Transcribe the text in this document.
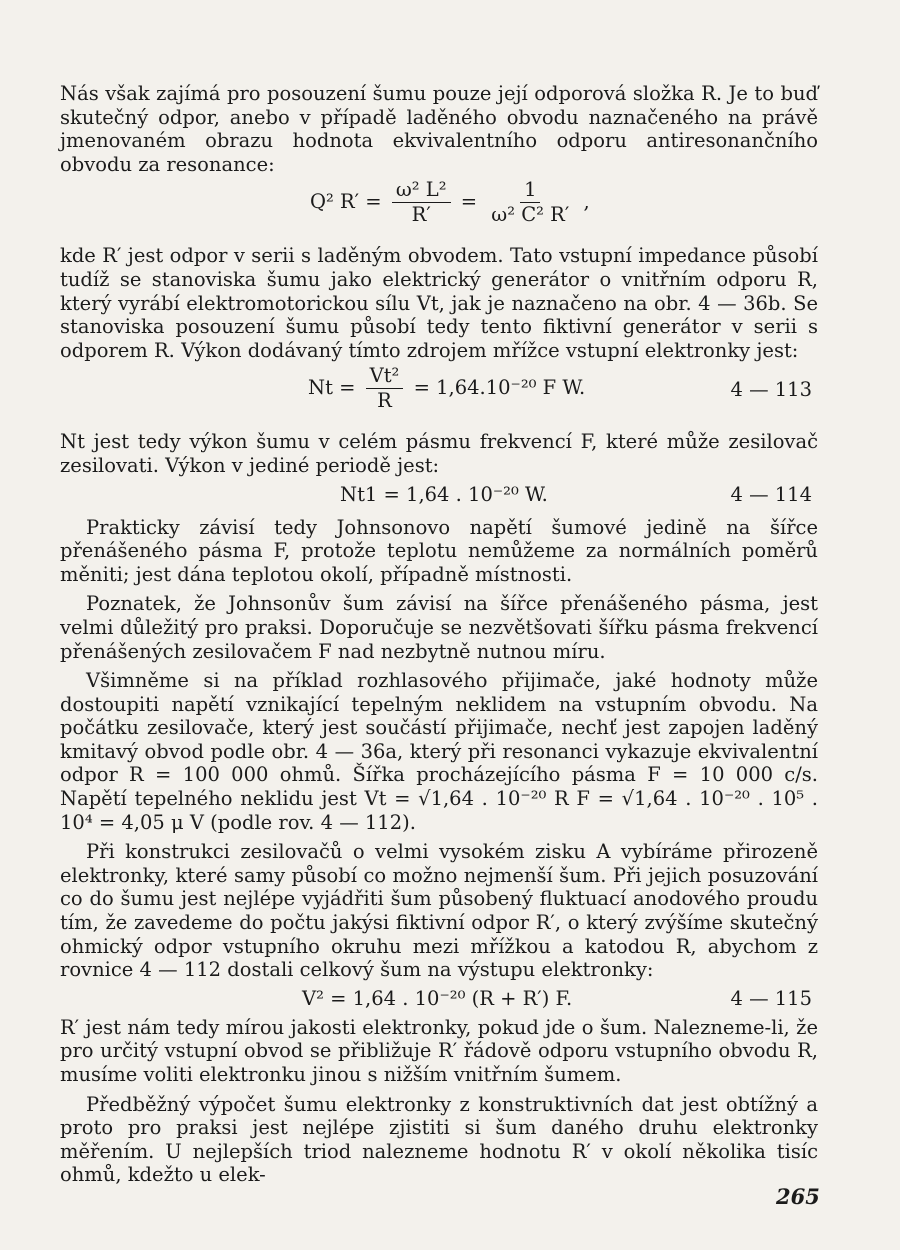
Nás však zajímá pro posouzení šumu pouze její odporová složka R. Je to buď skutečný odpor, anebo v případě laděného obvodu naznačeného na právě jmenovaném obrazu hodnota ekvivalentního odporu antiresonančního obvodu za resonance:

Q² $R' = \frac{\text{ω² L²}}{R'} = \frac{1}{\text{ω² C² R′}}$ ,

kde R′ jest odpor v serii s laděným obvodem. Tato vstupní impedance působí tudíž se stanoviska šumu jako elektrický generátor o vnitřním odporu R, který vyrábí elektromotorickou sílu Vt, jak je naznačeno na obr. 4 — 36b. Se stanoviska posouzení šumu působí tedy tento fiktivní generátor v serii s odporem R. Výkon dodávaný tímto zdrojem mřížce vstupní elektronky jest:

$Nt = \frac{\text{Vt²}}{R} = 1,64.10^{-20}$ F W.	4 — 113

Nt jest tedy výkon šumu v celém pásmu frekvencí F, které může zesilovač zesilovati. Výkon v jediné periodě jest:

Nt1 = 1,64 . 10⁻²⁰ W.	4 — 114

Prakticky závisí tedy Johnsonovo napětí šumové jedině na šířce přenášeného pásma F, protože teplotu nemůžeme za normálních poměrů měniti; jest dána teplotou okolí, případně místnosti.

Poznatek, že Johnsonův šum závisí na šířce přenášeného pásma, jest velmi důležitý pro praksi. Doporučuje se nezvětšovati šířku pásma frekvencí přenášených zesilovačem F nad nezbytně nutnou míru.

Všimněme si na příklad rozhlasového přijimače, jaké hodnoty může dostoupiti napětí vznikající tepelným neklidem na vstupním obvodu. Na počátku zesilovače, který jest součástí přijimače, nechť jest zapojen laděný kmitavý obvod podle obr. 4 — 36a, který při resonanci vykazuje ekvivalentní odpor R = 100 000 ohmů. Šířka procházejícího pásma F = 10 000 c/s. Napětí tepelného neklidu jest Vt = √1,64 . 10⁻²⁰ R F = √1,64 . 10⁻²⁰ . 10⁵ . 10⁴ = 4,05 μ V (podle rov. 4 — 112).

Při konstrukci zesilovačů o velmi vysokém zisku A vybíráme přirozeně elektronky, které samy působí co možno nejmenší šum. Při jejich posuzování co do šumu jest nejlépe vyjádřiti šum působený fluktuací anodového proudu tím, že zavedeme do počtu jakýsi fiktivní odpor R′, o který zvýšíme skutečný ohmický odpor vstupního okruhu mezi mřížkou a katodou R, abychom z rovnice 4 — 112 dostali celkový šum na výstupu elektronky:

V² = 1,64 . 10⁻²⁰ (R + R′) F.	4 — 115

R′ jest nám tedy mírou jakosti elektronky, pokud jde o šum. Nalezneme-li, že pro určitý vstupní obvod se přibližuje R′ řádově odporu vstupního obvodu R, musíme voliti elektronku jinou s nižším vnitřním šumem.

Předběžný výpočet šumu elektronky z konstruktivních dat jest obtížný a proto pro praksi jest nejlépe zjistiti si šum daného druhu elektronky měřením. U nejlepších triod nalezneme hodnotu R′ v okolí několika tisíc ohmů, kdežto u elek-

265
